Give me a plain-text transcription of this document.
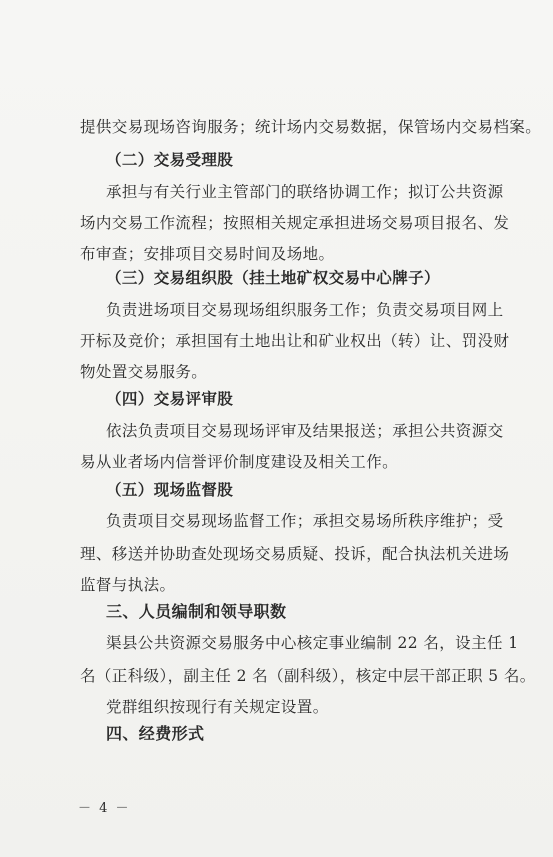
提供交易现场咨询服务；统计场内交易数据，保管场内交易档案。
（二）交易受理股
承担与有关行业主管部门的联络协调工作；拟订公共资源
场内交易工作流程；按照相关规定承担进场交易项目报名、发
布审查；安排项目交易时间及场地。
（三）交易组织股（挂土地矿权交易中心牌子）
负责进场项目交易现场组织服务工作；负责交易项目网上
开标及竞价；承担国有土地出让和矿业权出（转）让、罚没财
物处置交易服务。
（四）交易评审股
依法负责项目交易现场评审及结果报送；承担公共资源交
易从业者场内信誉评价制度建设及相关工作。
（五）现场监督股
负责项目交易现场监督工作；承担交易场所秩序维护；受
理、移送并协助查处现场交易质疑、投诉，配合执法机关进场
监督与执法。
三、人员编制和领导职数
渠县公共资源交易服务中心核定事业编制 22 名，设主任 1
名（正科级），副主任 2 名（副科级），核定中层干部正职 5 名。
党群组织按现行有关规定设置。
四、经费形式
－ 4 －
